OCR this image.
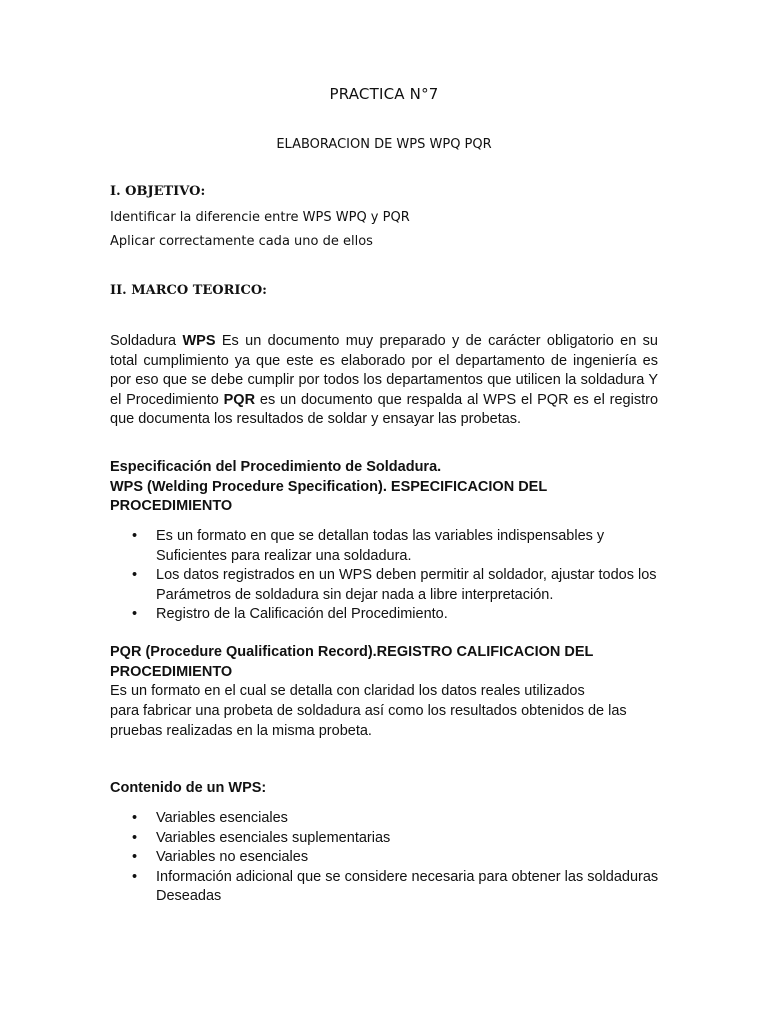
PRACTICA N°7
ELABORACION DE WPS WPQ PQR
I. OBJETIVO:
Identificar la diferencie entre WPS WPQ y PQR
Aplicar correctamente cada uno de ellos
II. MARCO TEORICO:
Soldadura WPS Es un documento muy preparado y de carácter obligatorio en su total cumplimiento ya que este es elaborado por el departamento de ingeniería es por eso que se debe cumplir por todos los departamentos que utilicen la soldadura Y el Procedimiento PQR es un documento que respalda al WPS el PQR es el registro que documenta los resultados de soldar y ensayar las probetas.
Especificación del Procedimiento de Soldadura.
WPS (Welding Procedure Specification). ESPECIFICACION DEL PROCEDIMIENTO
• Es un formato en que se detallan todas las variables indispensables y Suficientes para realizar una soldadura.
• Los datos registrados en un WPS deben permitir al soldador, ajustar todos los Parámetros de soldadura sin dejar nada a libre interpretación.
• Registro de la Calificación del Procedimiento.
PQR (Procedure Qualification Record).REGISTRO CALIFICACION DEL PROCEDIMIENTO
Es un formato en el cual se detalla con claridad los datos reales utilizados
para fabricar una probeta de soldadura así como los resultados obtenidos de las pruebas realizadas en la misma probeta.
Contenido de un WPS:
• Variables esenciales
• Variables esenciales suplementarias
• Variables no esenciales
• Información adicional que se considere necesaria para obtener las soldaduras Deseadas
